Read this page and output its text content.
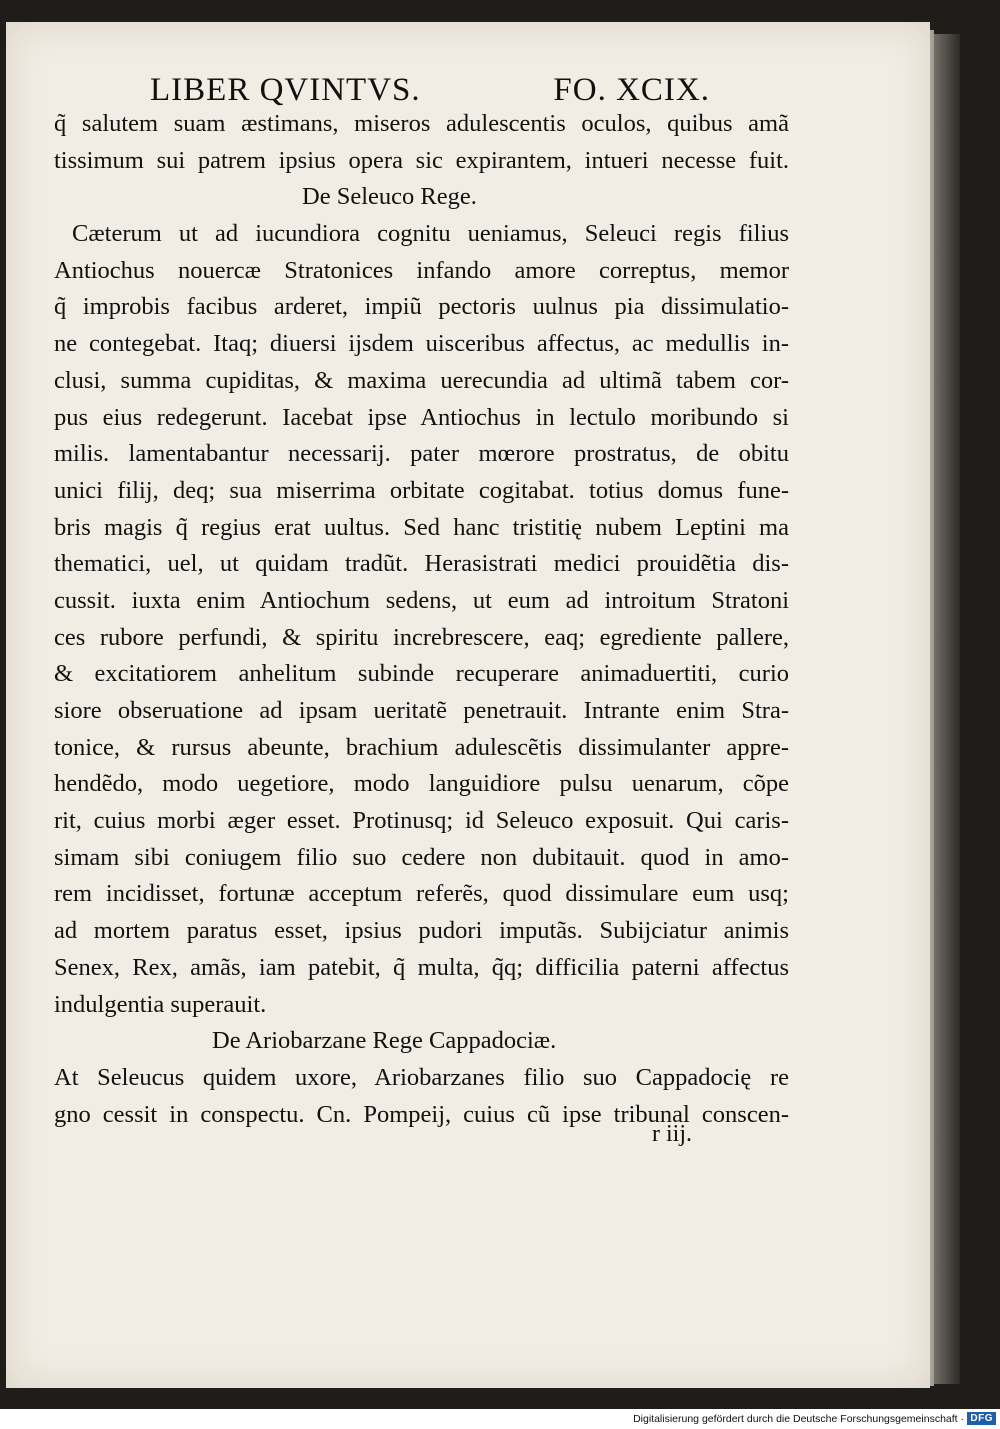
LIBER QVINTVS.	FO. XCIX.
q̃ salutem suam æstimans, miseros adulescentis oculos, quibus amã
tissimum sui patrem ipsius opera sic expirantem, intueri necesse fuit.
De Seleuco Rege.
Cæterum ut ad iucundiora cognitu ueniamus, Seleuci regis filius
Antiochus nouercæ Stratonices infando amore correptus, memor
q̃ improbis facibus arderet, impiũ pectoris uulnus pia dissimulatio-
ne contegebat. Itaq; diuersi ijsdem uisceribus affectus, ac medullis in-
clusi, summa cupiditas, & maxima uerecundia ad ultimã tabem cor-
pus eius redegerunt. Iacebat ipse Antiochus in lectulo moribundo si
milis. lamentabantur necessarij. pater mœrore prostratus, de obitu
unici filij, deq; sua miserrima orbitate cogitabat. totius domus fune-
bris magis q̃ regius erat uultus. Sed hanc tristitię nubem Leptini ma
thematici, uel, ut quidam tradũt. Herasistrati medici prouidẽtia dis-
cussit. iuxta enim Antiochum sedens, ut eum ad introitum Stratoni
ces rubore perfundi, & spiritu increbrescere, eaq; egrediente pallere,
& excitatiorem anhelitum subinde recuperare animaduertiti, curio
siore obseruatione ad ipsam ueritatẽ penetrauit. Intrante enim Stra-
tonice, & rursus abeunte, brachium adulescẽtis dissimulanter appre-
hendẽdo, modo uegetiore, modo languidiore pulsu uenarum, cõpe
rit, cuius morbi æger esset. Protinusq; id Seleuco exposuit. Qui caris-
simam sibi coniugem filio suo cedere non dubitauit. quod in amo-
rem incidisset, fortunæ acceptum referẽs, quod dissimulare eum usq;
ad mortem paratus esset, ipsius pudori imputãs. Subijciatur animis
Senex, Rex, amãs, iam patebit, q̃ multa, q̃q; difficilia paterni affectus
indulgentia superauit.
De Ariobarzane Rege Cappadociæ.
At Seleucus quidem uxore, Ariobarzanes filio suo Cappadocię re
gno cessit in conspectu. Cn. Pompeij, cuius cũ ipse tribunal conscen-
r iij.
Digitalisierung gefördert durch die Deutsche Forschungsgemeinschaft · DFG
